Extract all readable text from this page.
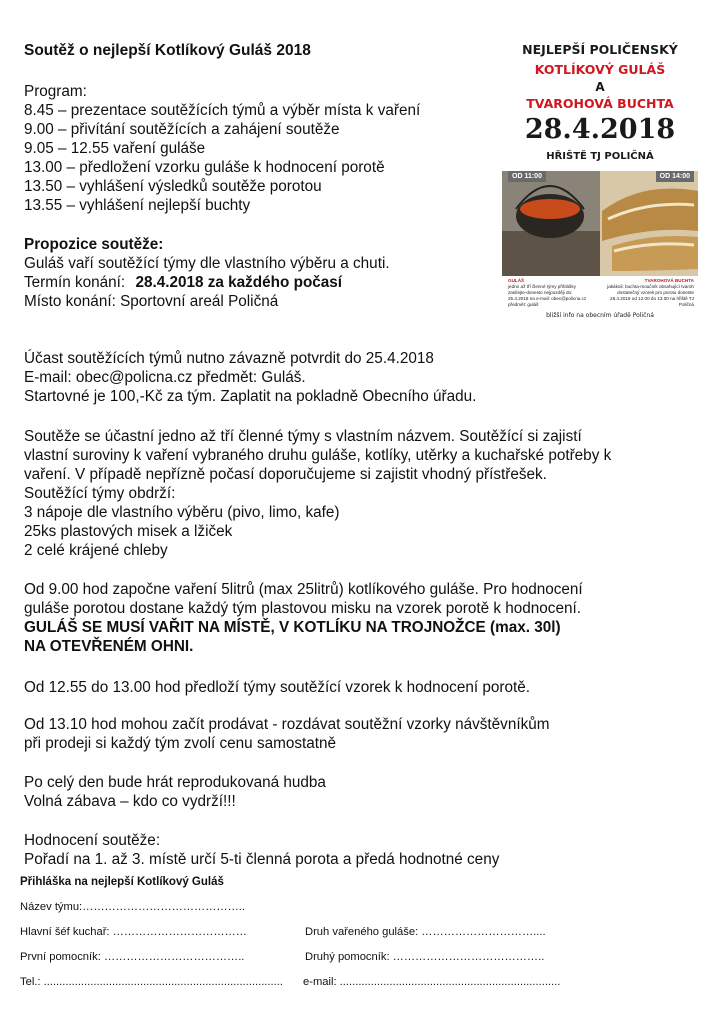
Soutěž o nejlepší Kotlíkový Guláš 2018
Program:
8.45 – prezentace soutěžících týmů a výběr místa k vaření
9.00 – přivítání soutěžících a zahájení soutěže
9.05 – 12.55 vaření guláše
13.00 – předložení vzorku guláše k hodnocení porotě
13.50 – vyhlášení výsledků soutěže porotou
13.55 – vyhlášení nejlepší buchty
Propozice soutěže:
Guláš vaří soutěžící týmy dle vlastního výběru a chuti.
Termín konání: 28.4.2018 za každého počasí
Místo konání: Sportovní areál Poličná
NEJLEPŠÍ POLIČENSKÝ
KOTLÍKOVÝ GULÁŠ
A
TVAROHOVÁ BUCHTA
28.4.2018
HŘIŠTĚ TJ POLIČNÁ
OD 11:00	OD 14:00
GULÁŠ
jedno až tří členné týmy přihlášky zasílejte-donesto nejpozději do: 25.4.2018 na e-mail: obec@policna.cz předmět: guláš
TVAROHOVÁ BUCHTA
jakákoli: buchta-moučník obsahující tvaroh dostatečný vzorek pro porotu doneste 28.4.2018 od 12.00 do 13.00 na hřiště TJ Poličná
bližší info na obecním úřadě Poličná
Účast soutěžících týmů nutno závazně potvrdit do 25.4.2018
E-mail: obec@policna.cz předmět: Guláš.
Startovné je 100,-Kč za tým. Zaplatit na pokladně Obecního úřadu.
Soutěže se účastní jedno až tří členné týmy s vlastním názvem. Soutěžící si zajistí
vlastní suroviny k vaření vybraného druhu guláše, kotlíky, utěrky a kuchařské potřeby k
vaření. V případě nepřízně počasí doporučujeme si zajistit vhodný přístřešek.
Soutěžící týmy obdrží:
3 nápoje dle vlastního výběru (pivo, limo, kafe)
25ks plastových misek a lžiček
2 celé krájené chleby
Od 9.00 hod započne vaření 5litrů (max 25litrů) kotlíkového guláše. Pro hodnocení
guláše porotou dostane každý tým plastovou misku na vzorek porotě k hodnocení.
GULÁŠ SE MUSÍ VAŘIT NA MÍSTĚ, V KOTLÍKU NA TROJNOŽCE (max. 30l)
NA OTEVŘENÉM OHNI.
Od 12.55 do 13.00 hod předloží týmy soutěžící vzorek k hodnocení porotě.
Od 13.10 hod mohou začít prodávat - rozdávat soutěžní vzorky návštěvníkům
při prodeji si každý tým zvolí cenu samostatně
Po celý den bude hrát reprodukovaná hudba
Volná zábava – kdo co vydrží!!!
Hodnocení soutěže:
Pořadí na 1. až 3. místě určí 5-ti členná porota a předá hodnotné ceny
Přihláška na nejlepší Kotlíkový Guláš
Název týmu:……………………………………..
Hlavní šéf kuchař: ………………………………	Druh vařeného guláše: …………………………....
První pomocník: ………………………………..	Druhý pomocník: …………………………………..
Tel.: ............................................................................. e-mail: .......................................................................
